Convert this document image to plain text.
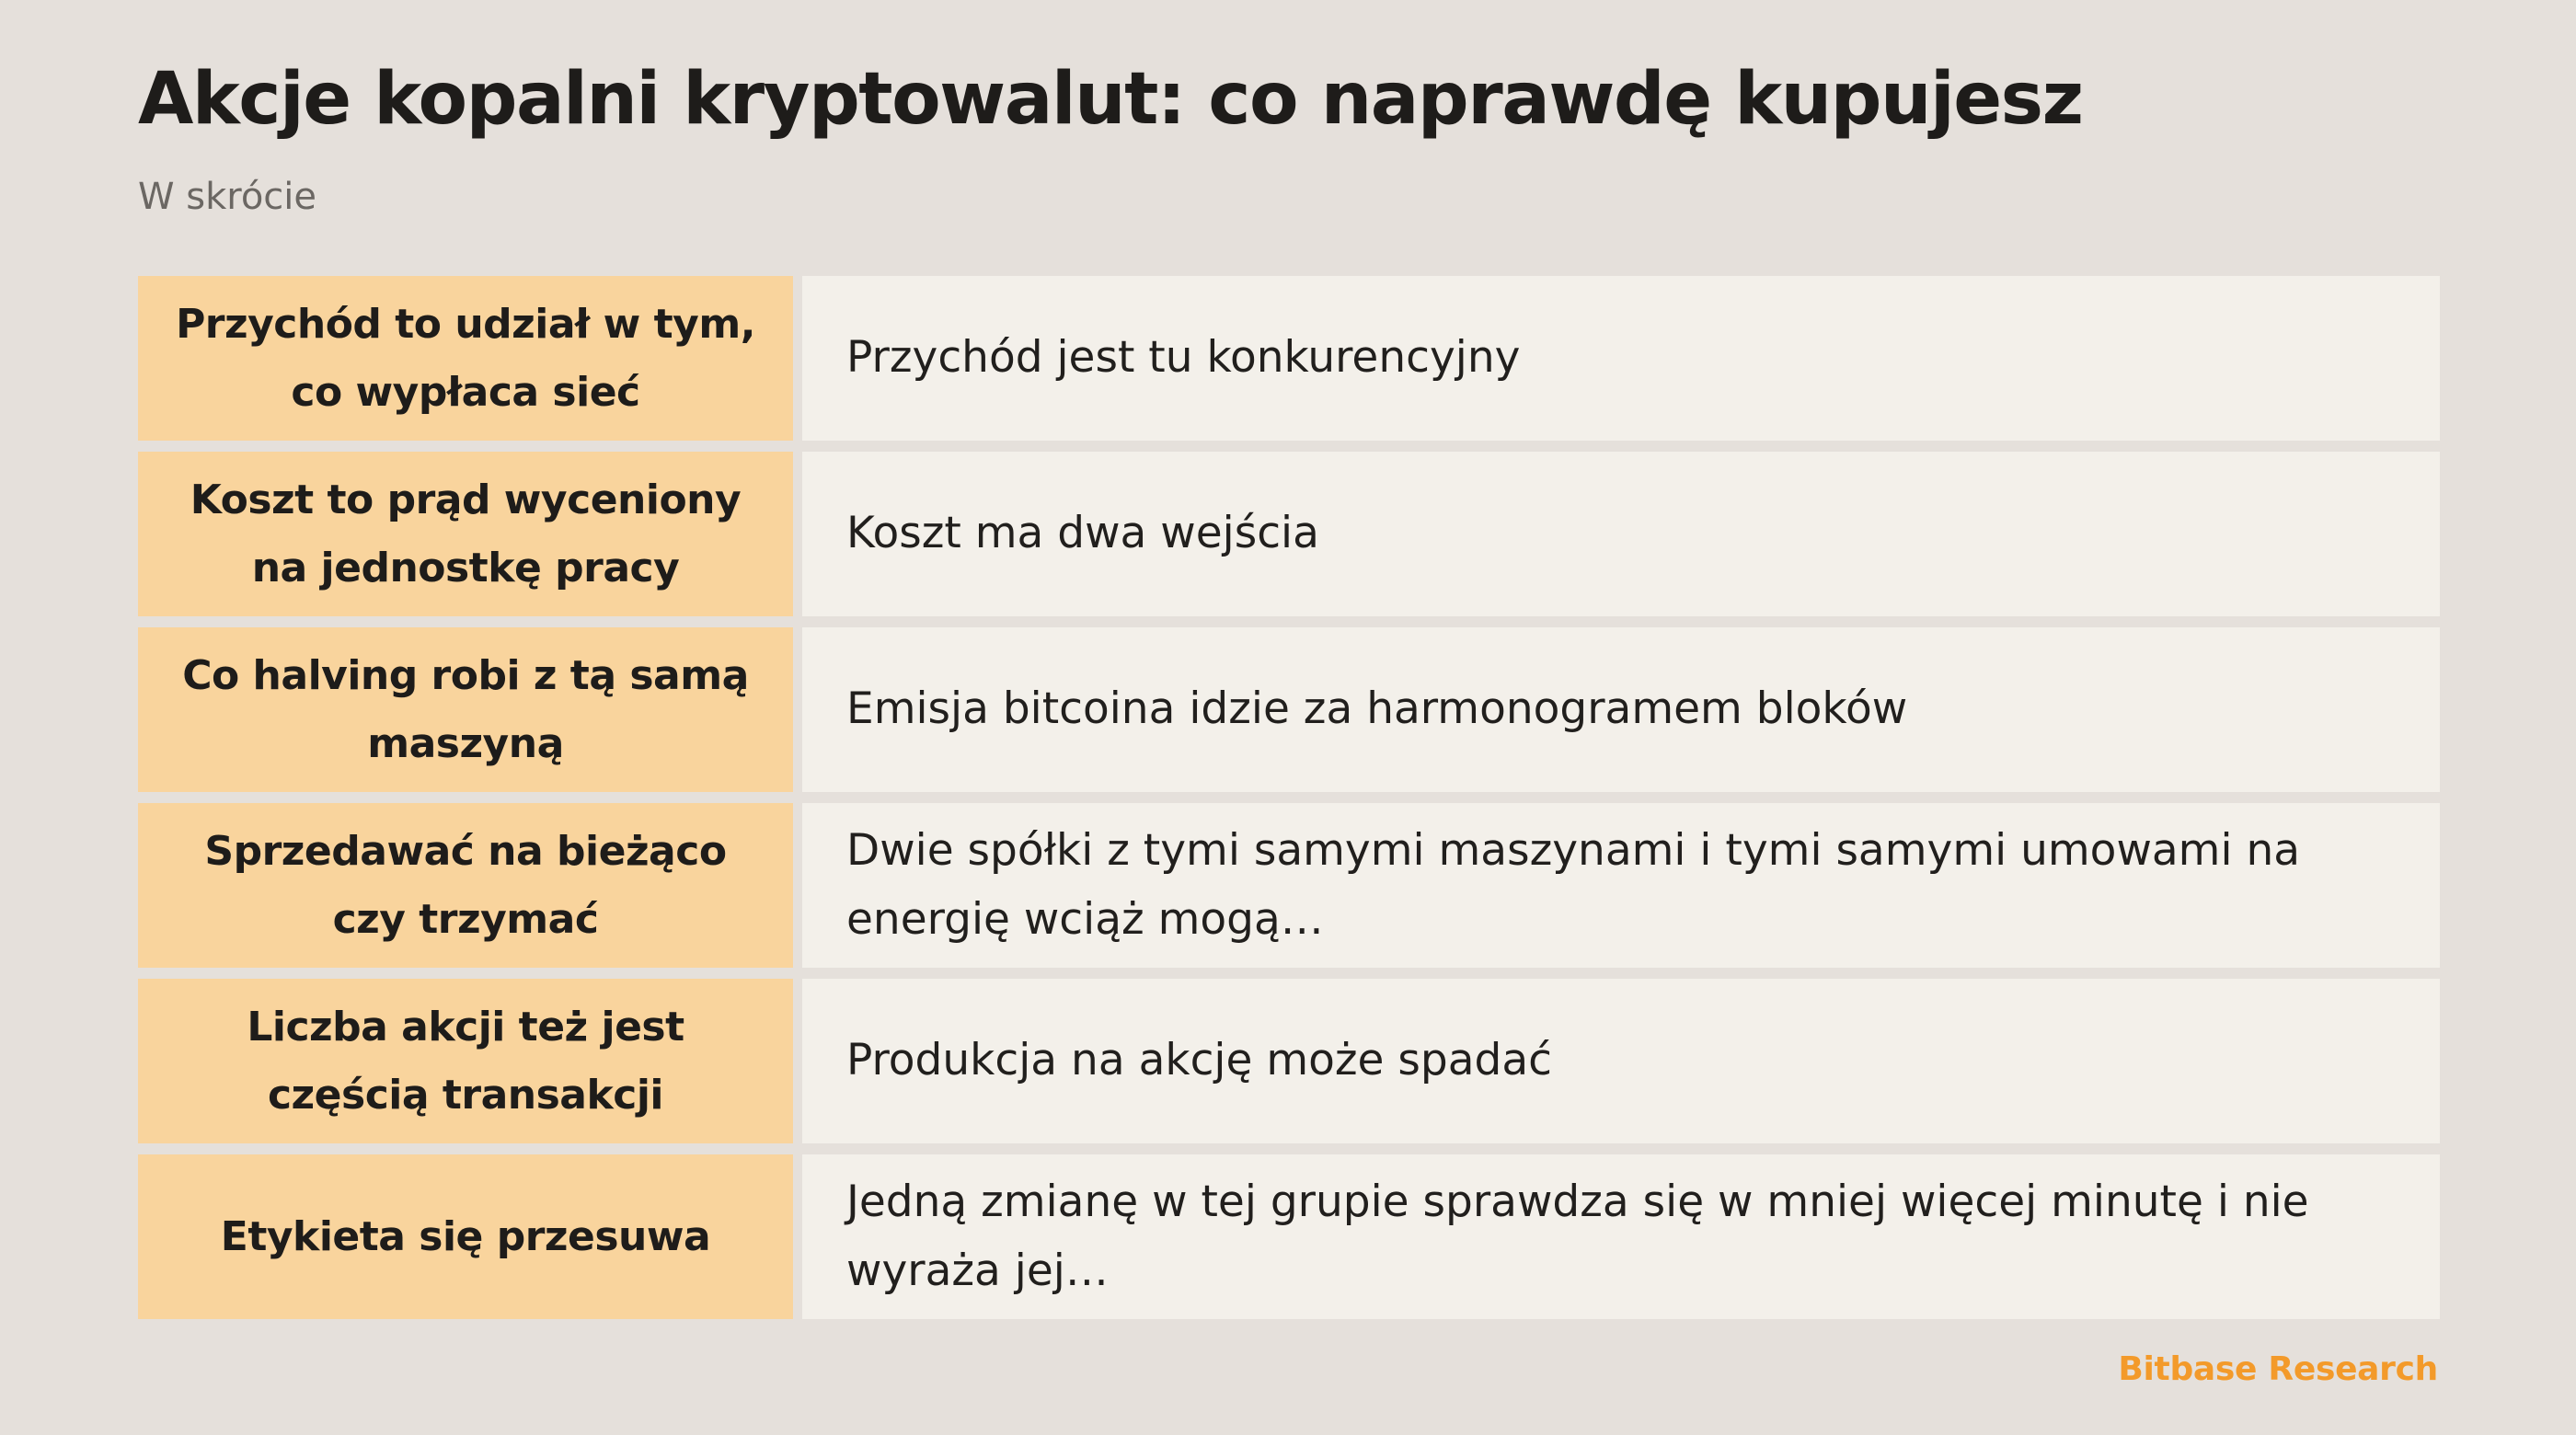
Akcje kopalni kryptowalut: co naprawdę kupujesz

W skrócie

Przychód to udział w tym, co wypłaca sieć
Przychód jest tu konkurencyjny
Koszt to prąd wyceniony na jednostkę pracy
Koszt ma dwa wejścia
Co halving robi z tą samą maszyną
Emisja bitcoina idzie za harmonogramem bloków
Sprzedawać na bieżąco czy trzymać
Dwie spółki z tymi samymi maszynami i tymi samymi umowami na energię wciąż mogą…
Liczba akcji też jest częścią transakcji
Produkcja na akcję może spadać
Etykieta się przesuwa
Jedną zmianę w tej grupie sprawdza się w mniej więcej minutę i nie wyraża jej…
Bitbase Research
